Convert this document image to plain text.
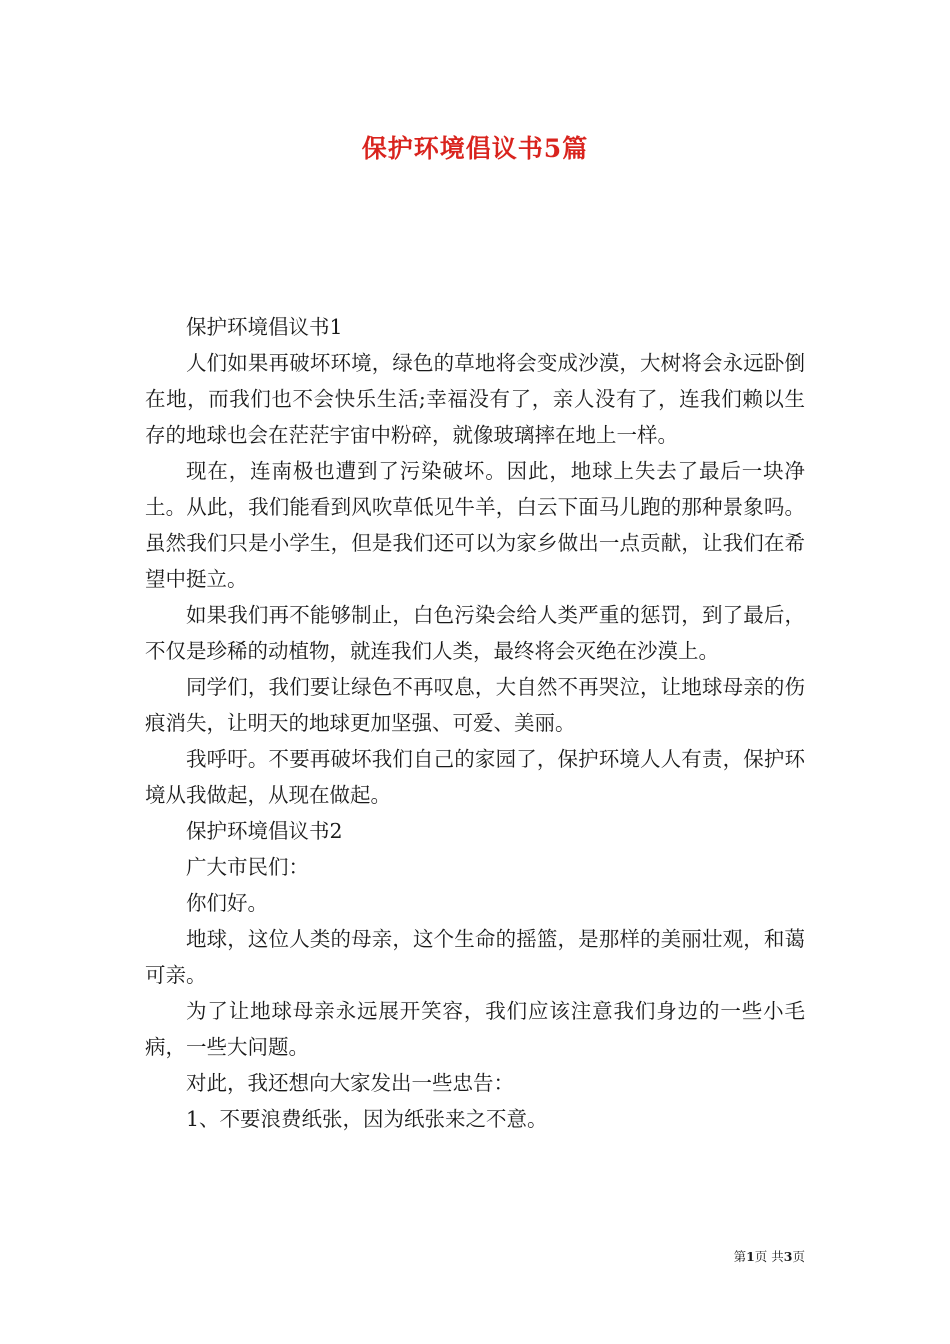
保护环境倡议书5篇

保护环境倡议书1

人们如果再破坏环境，绿色的草地将会变成沙漠，大树将会永远卧倒在地，而我们也不会快乐生活;幸福没有了，亲人没有了，连我们赖以生存的地球也会在茫茫宇宙中粉碎，就像玻璃摔在地上一样。

现在，连南极也遭到了污染破坏。因此，地球上失去了最后一块净土。从此，我们能看到风吹草低见牛羊，白云下面马儿跑的那种景象吗。虽然我们只是小学生，但是我们还可以为家乡做出一点贡献，让我们在希望中挺立。

如果我们再不能够制止，白色污染会给人类严重的惩罚，到了最后，不仅是珍稀的动植物，就连我们人类，最终将会灭绝在沙漠上。

同学们，我们要让绿色不再叹息，大自然不再哭泣，让地球母亲的伤痕消失，让明天的地球更加坚强、可爱、美丽。

我呼吁。不要再破坏我们自己的家园了，保护环境人人有责，保护环境从我做起，从现在做起。

保护环境倡议书2

广大市民们：

你们好。

地球，这位人类的母亲，这个生命的摇篮，是那样的美丽壮观，和蔼可亲。

为了让地球母亲永远展开笑容，我们应该注意我们身边的一些小毛病，一些大问题。

对此，我还想向大家发出一些忠告：

1、不要浪费纸张，因为纸张来之不意。

第1页 共3页
